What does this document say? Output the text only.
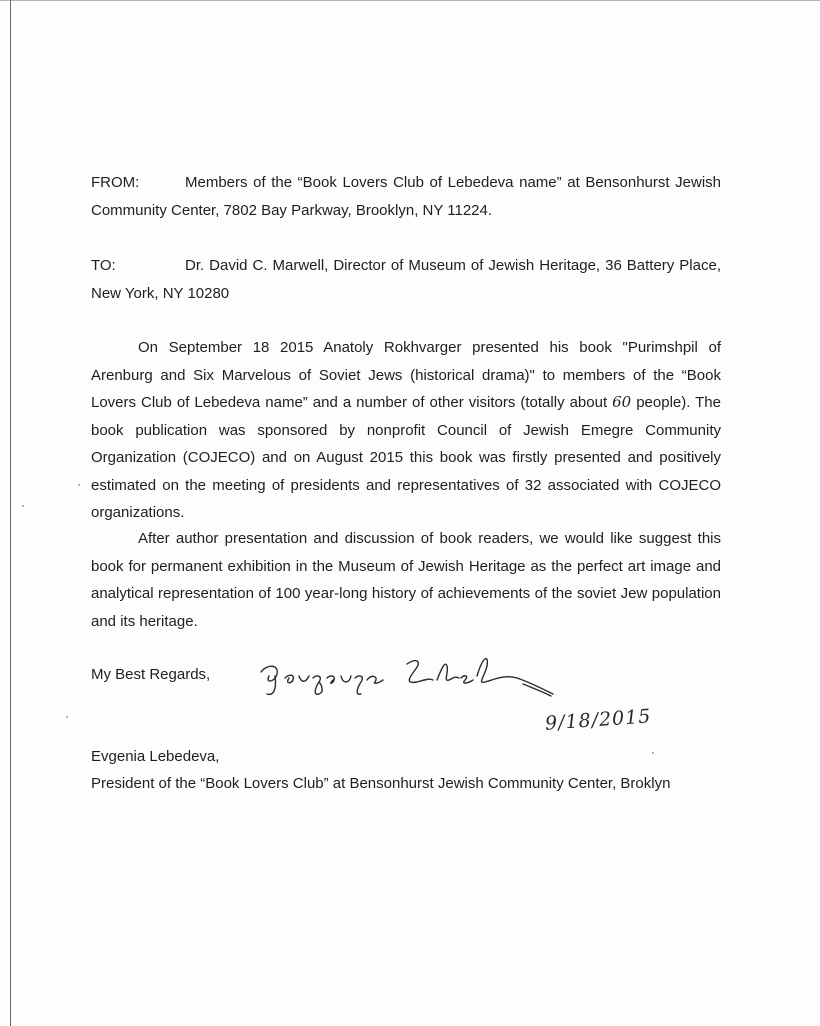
FROM:	Members of the “Book Lovers Club of Lebedeva name” at Bensonhurst Jewish Community Center, 7802 Bay Parkway, Brooklyn, NY 11224.
TO:	Dr. David C. Marwell, Director of Museum of Jewish Heritage, 36 Battery Place, New York, NY 10280

On September 18 2015 Anatoly Rokhvarger presented his book "Purimshpil of Arenburg and Six Marvelous of Soviet Jews (historical drama)" to members of the “Book Lovers Club of Lebedeva name” and a number of other visitors (totally about 60 people). The book publication was sponsored by nonprofit Council of Jewish Emegre Community Organization (COJECO) and on August 2015 this book was firstly presented and positively estimated on the meeting of presidents and representatives of 32 associated with COJECO organizations.

After author presentation and discussion of book readers, we would like suggest this book for permanent exhibition in the Museum of Jewish Heritage as the perfect art image and analytical representation of 100 year-long history of achievements of the soviet Jew population and its heritage.

My Best Regards,
9/18/2015
Evgenia Lebedeva,
President of the “Book Lovers Club” at Bensonhurst Jewish Community Center, Broklyn
